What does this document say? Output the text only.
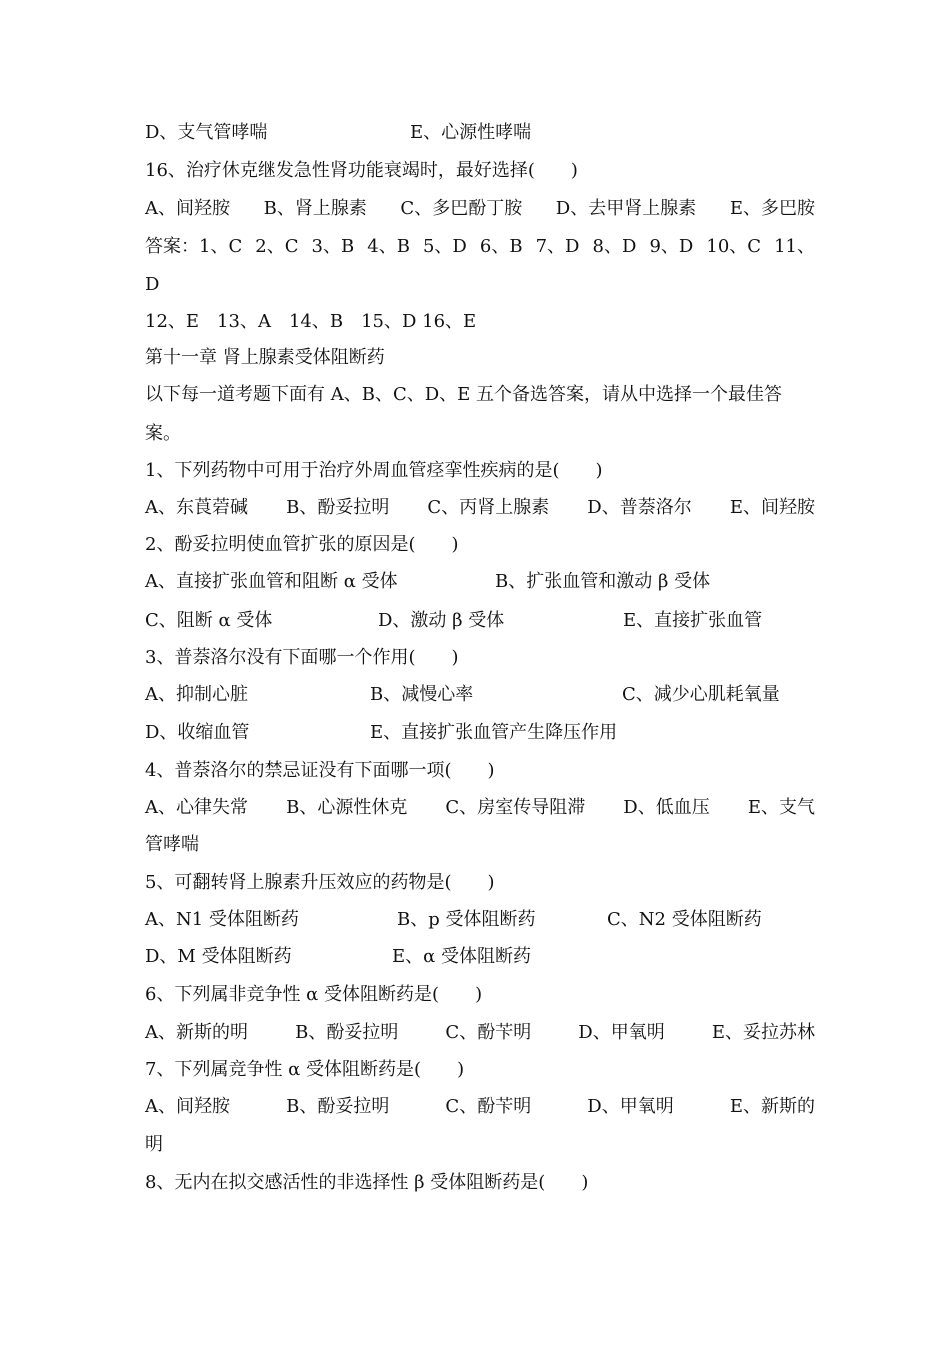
D、支气管哮喘	E、心源性哮喘
16、治疗休克继发急性肾功能衰竭时，最好选择(　　)
A、间羟胺 B、肾上腺素 C、多巴酚丁胺 D、去甲肾上腺素 E、多巴胺
答案：1、C 2、C 3、B 4、B 5、D 6、B 7、D 8、D 9、D 10、C 11、
D
12、E　13、A　14、B　15、D 16、E
第十一章 肾上腺素受体阻断药
以下每一道考题下面有 A、B、C、D、E 五个备选答案，请从中选择一个最佳答
案。
1、下列药物中可用于治疗外周血管痉挛性疾病的是(　　)
A、东莨菪碱 B、酚妥拉明 C、丙肾上腺素 D、普萘洛尔 E、间羟胺
2、酚妥拉明使血管扩张的原因是(　　)
A、直接扩张血管和阻断 α 受体	B、扩张血管和激动 β 受体
C、阻断 α 受体	D、激动 β 受体	E、直接扩张血管
3、普萘洛尔没有下面哪一个作用(　　)
A、抑制心脏	B、减慢心率	C、减少心肌耗氧量
D、收缩血管	E、直接扩张血管产生降压作用
4、普萘洛尔的禁忌证没有下面哪一项(　　)
A、心律失常 B、心源性休克 C、房室传导阻滞 D、低血压 E、支气
管哮喘
5、可翻转肾上腺素升压效应的药物是(　　)
A、N1 受体阻断药	B、p 受体阻断药	C、N2 受体阻断药
D、M 受体阻断药	E、α 受体阻断药
6、下列属非竞争性 α 受体阻断药是(　　)
A、新斯的明	B、酚妥拉明	C、酚苄明	D、甲氧明	E、妥拉苏林
7、下列属竞争性 α 受体阻断药是(　　)
A、间羟胺	B、酚妥拉明	C、酚苄明	D、甲氧明	E、新斯的
明
8、无内在拟交感活性的非选择性 β 受体阻断药是(　　)
